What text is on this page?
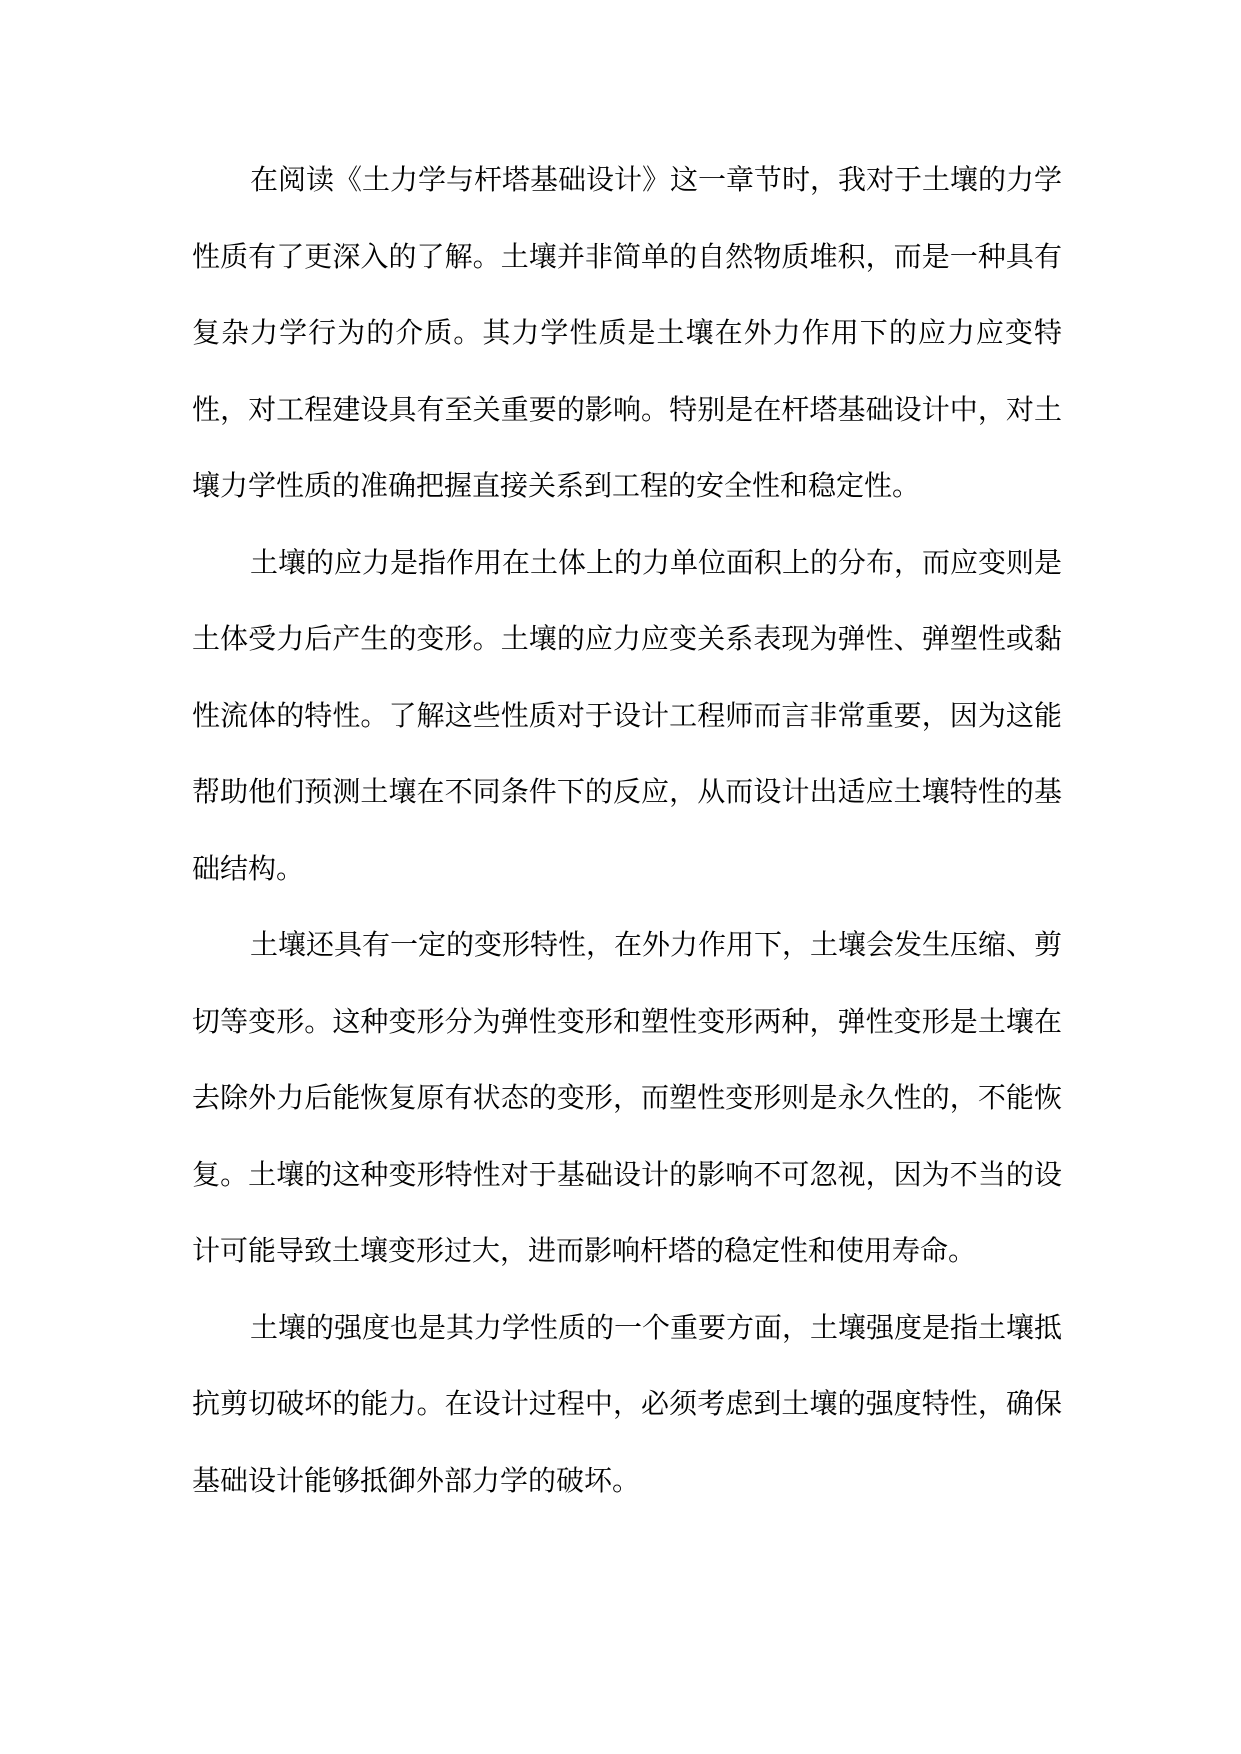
在阅读《土力学与杆塔基础设计》这一章节时，我对于土壤的力学性质有了更深入的了解。土壤并非简单的自然物质堆积，而是一种具有复杂力学行为的介质。其力学性质是土壤在外力作用下的应力应变特性，对工程建设具有至关重要的影响。特别是在杆塔基础设计中，对土壤力学性质的准确把握直接关系到工程的安全性和稳定性。

土壤的应力是指作用在土体上的力单位面积上的分布，而应变则是土体受力后产生的变形。土壤的应力应变关系表现为弹性、弹塑性或黏性流体的特性。了解这些性质对于设计工程师而言非常重要，因为这能帮助他们预测土壤在不同条件下的反应，从而设计出适应土壤特性的基础结构。

土壤还具有一定的变形特性，在外力作用下，土壤会发生压缩、剪切等变形。这种变形分为弹性变形和塑性变形两种，弹性变形是土壤在去除外力后能恢复原有状态的变形，而塑性变形则是永久性的，不能恢复。土壤的这种变形特性对于基础设计的影响不可忽视，因为不当的设计可能导致土壤变形过大，进而影响杆塔的稳定性和使用寿命。

土壤的强度也是其力学性质的一个重要方面，土壤强度是指土壤抵抗剪切破坏的能力。在设计过程中，必须考虑到土壤的强度特性，确保基础设计能够抵御外部力学的破坏。
